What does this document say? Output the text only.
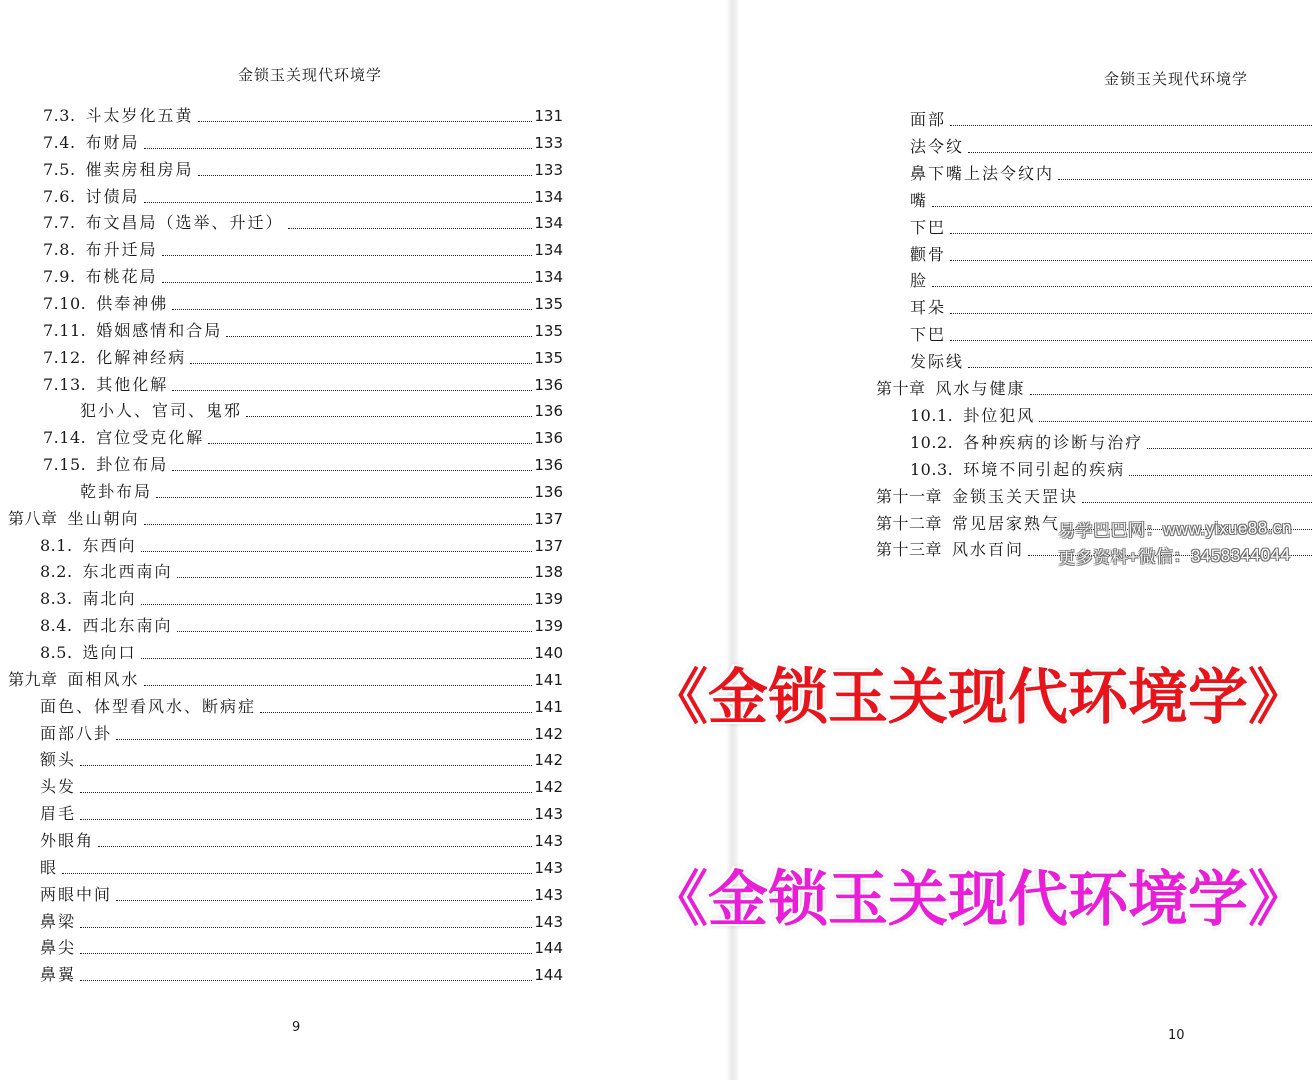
金锁玉关现代环境学
7.3. 斗太岁化五黄	131
7.4. 布财局	133
7.5. 催卖房租房局	133
7.6. 讨债局	134
7.7. 布文昌局（选举、升迁）	134
7.8. 布升迁局	134
7.9. 布桃花局	134
7.10. 供奉神佛	135
7.11. 婚姻感情和合局	135
7.12. 化解神经病	135
7.13. 其他化解	136
犯小人、官司、鬼邪	136
7.14. 宫位受克化解	136
7.15. 卦位布局	136
乾卦布局	136
第八章 坐山朝向	137
8.1. 东西向	137
8.2. 东北西南向	138
8.3. 南北向	139
8.4. 西北东南向	139
8.5. 选向口	140
第九章 面相风水	141
面色、体型看风水、断病症	141
面部八卦	142
额头	142
头发	142
眉毛	143
外眼角	143
眼	143
两眼中间	143
鼻梁	143
鼻尖	144
鼻翼	144
9
金锁玉关现代环境学
面部
法令纹
鼻下嘴上法令纹内
嘴
下巴
颧骨
脸
耳朵
下巴
发际线
第十章 风水与健康
10.1. 卦位犯风
10.2. 各种疾病的诊断与治疗
10.3. 环境不同引起的疾病
第十一章 金锁玉关天罡诀
第十二章 常见居家熟气
第十三章 风水百问
10
易学巴巴网：www.yixue88.cn
更多资料+微信：3458344044
《金锁玉关现代环境学》
《金锁玉关现代环境学》
